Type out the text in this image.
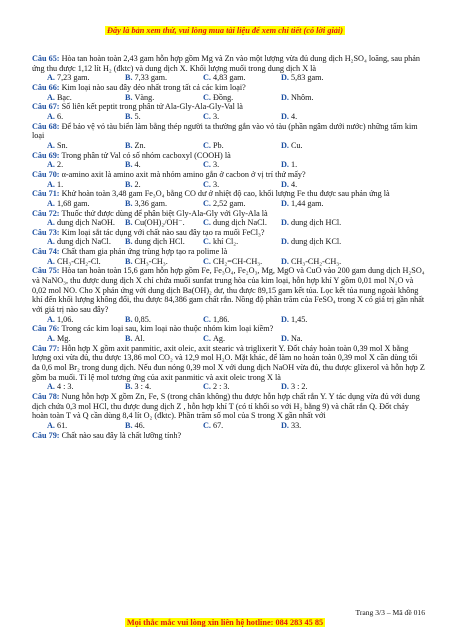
Đây là bản xem thử, vui lòng mua tài liệu để xem chi tiết (có lời giải)

Câu 65: Hòa tan hoàn toàn 2,43 gam hỗn hợp gồm Mg và Zn vào một lượng vừa đủ dung dịch H₂SO₄ loãng, sau phản ứng thu được 1,12 lít H₂ (đktc) và dung dịch X. Khối lượng muối trong dung dịch X là

A. 7,23 gam.	B. 7,33 gam.	C. 4,83 gam.	D. 5,83 gam.

Câu 66: Kim loại nào sau đây dẻo nhất trong tất cả các kim loại?

A. Bạc.	B. Vàng.	C. Đồng.	D. Nhôm.

Câu 67: Số liên kết peptit trong phân tử Ala-Gly-Ala-Gly-Val là

A. 6.	B. 5.	C. 3.	D. 4.

Câu 68: Để bảo vệ vỏ tàu biển làm bằng thép người ta thường gắn vào vỏ tàu (phần ngâm dưới nước) những tấm kim loại

A. Sn.	B. Zn.	C. Pb.	D. Cu.

Câu 69: Trong phân tử Val có số nhóm cacboxyl (COOH) là

A. 2.	B. 4.	C. 3.	D. 1.

Câu 70: α-amino axit là amino axit mà nhóm amino gắn ở cacbon ở vị trí thứ mấy?

A. 1.	B. 2.	C. 3.	D. 4.

Câu 71: Khử hoàn toàn 3,48 gam Fe₃O₄ bằng CO dư ở nhiệt độ cao, khối lượng Fe thu được sau phản ứng là

A. 1,68 gam.	B. 3,36 gam.	C. 2,52 gam.	D. 1,44 gam.

Câu 72: Thuốc thử được dùng để phân biệt Gly-Ala-Gly với Gly-Ala là

A. dung dịch NaOH.	B. Cu(OH)₂/OH⁻.	C. dung dịch NaCl.	D. dung dịch HCl.

Câu 73: Kim loại sắt tác dụng với chất nào sau đây tạo ra muối FeCl₃?

A. dung dịch NaCl.	B. dung dịch HCl.	C. khí Cl₂.	D. dung dịch KCl.

Câu 74: Chất tham gia phản ứng trùng hợp tạo ra polime là

A. CH₃-CH₂-Cl.	B. CH₃-CH₃.	C. CH₂=CH-CH₃.	D. CH₃-CH₂-CH₃.

Câu 75: Hòa tan hoàn toàn 15,6 gam hỗn hợp gồm Fe, Fe₃O₄, Fe₂O₃, Mg, MgO và CuO vào 200 gam dung dịch H₂SO₄ và NaNO₃, thu được dung dịch X chỉ chứa muối sunfat trung hòa của kim loại, hỗn hợp khí Y gồm 0,01 mol N₂O và 0,02 mol NO. Cho X phản ứng với dung dịch Ba(OH)₂ dư, thu được 89,15 gam kết tủa. Lọc kết tủa nung ngoài không khí đến khối lượng không đổi, thu được 84,386 gam chất rắn. Nồng độ phần trăm của FeSO₄ trong X có giá trị gần nhất với giá trị nào sau đây?

A. 1,06.	B. 0,85.	C. 1,86.	D. 1,45.

Câu 76: Trong các kim loại sau, kim loại nào thuộc nhóm kim loại kiềm?

A. Mg.	B. Al.	C. Ag.	D. Na.

Câu 77: Hỗn hợp X gồm axit panmitic, axit oleic, axit stearic và triglixerit Y. Đốt cháy hoàn toàn 0,39 mol X bằng lượng oxi vừa đủ, thu được 13,86 mol CO₂ và 12,9 mol H₂O. Mặt khác, để làm no hoàn toàn 0,39 mol X cần dùng tối đa 0,6 mol Br₂ trong dung dịch. Nếu đun nóng 0,39 mol X với dung dịch NaOH vừa đủ, thu được glixerol và hỗn hợp Z gồm ba muối. Tỉ lệ mol tương ứng của axit panmitic và axit oleic trong X là

A. 4 : 3.	B. 3 : 4.	C. 2 : 3.	D. 3 : 2.

Câu 78: Nung hỗn hợp X gồm Zn, Fe, S (trong chân không) thu được hỗn hợp chất rắn Y. Y tác dụng vừa đủ với dung dịch chứa 0,3 mol HCl, thu được dung dịch Z , hỗn hợp khí T (có tỉ khối so với H₂ bằng 9) và chất rắn Q. Đốt cháy hoàn toàn T và Q cần dùng 8,4 lít O₂ (đktc). Phần trăm số mol của S trong X gần nhất với

A. 61.	B. 46.	C. 67.	D. 33.

Câu 79: Chất nào sau đây là chất lưỡng tính?

Trang 3/3 – Mã đề 016
Mọi thắc mắc vui lòng xin liên hệ hotline: 084 283 45 85
